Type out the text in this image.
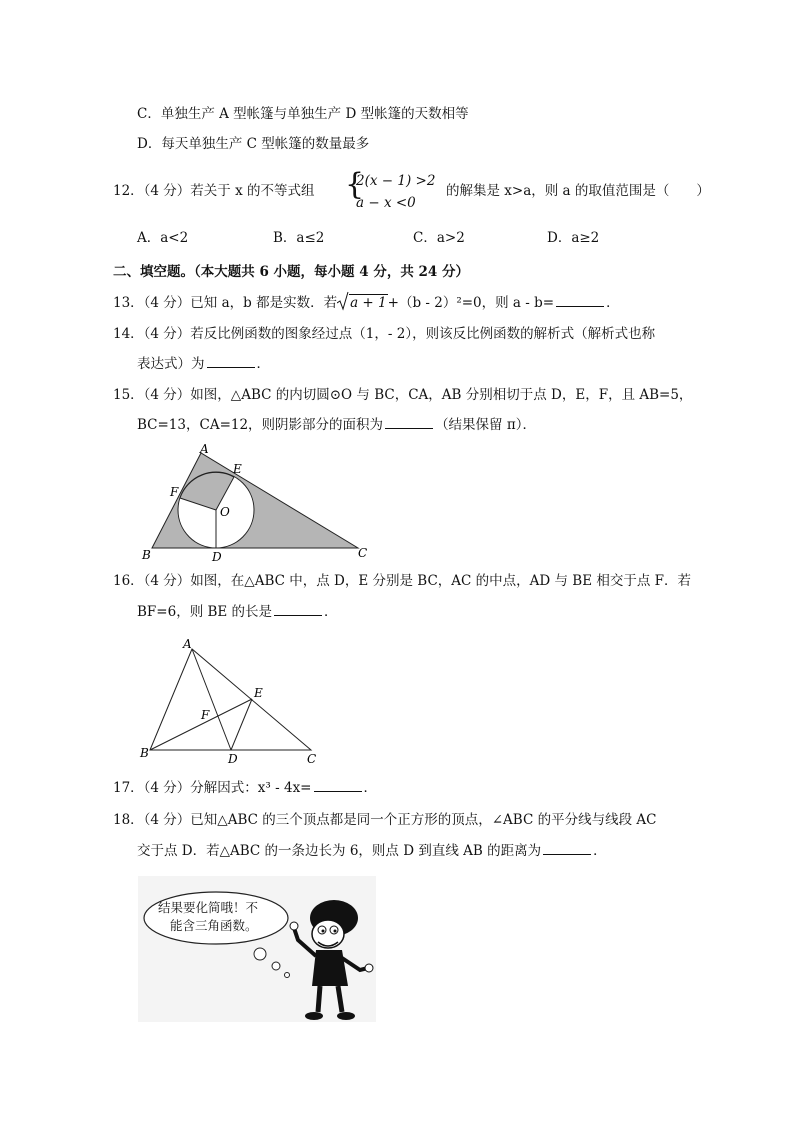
C．单独生产 A 型帐篷与单独生产 D 型帐篷的天数相等
D．每天单独生产 C 型帐篷的数量最多
12．（4 分）若关于 x 的不等式组 {
2(x − 1) >2
a − x <0
的解集是 x>a，则 a 的取值范围是（　　）
A．a<2	B．a≤2	C．a>2	D．a≥2
二、填空题。（本大题共 6 小题，每小题 4 分，共 24 分）
13．（4 分）已知 a，b 都是实数．若 a + 1+（b - 2）²=0，则 a - b=	．
14．（4 分）若反比例函数的图象经过点（1，- 2），则该反比例函数的解析式（解析式也称
表达式）为	．
15．（4 分）如图，△ABC 的内切圆⊙O 与 BC，CA，AB 分别相切于点 D，E，F，且 AB=5，
BC=13，CA=12，则阴影部分的面积为	（结果保留 π）．
A
B	C
D
E
F
O
16．（4 分）如图，在△ABC 中，点 D，E 分别是 BC，AC 的中点，AD 与 BE 相交于点 F．若
BF=6，则 BE 的长是	．
A
B	C
D
E
F
17．（4 分）分解因式：x³ - 4x=	．
18．（4 分）已知△ABC 的三个顶点都是同一个正方形的顶点，∠ABC 的平分线与线段 AC
交于点 D．若△ABC 的一条边长为 6，则点 D 到直线 AB 的距离为	．
结果要化简哦！不
能含三角函数。
